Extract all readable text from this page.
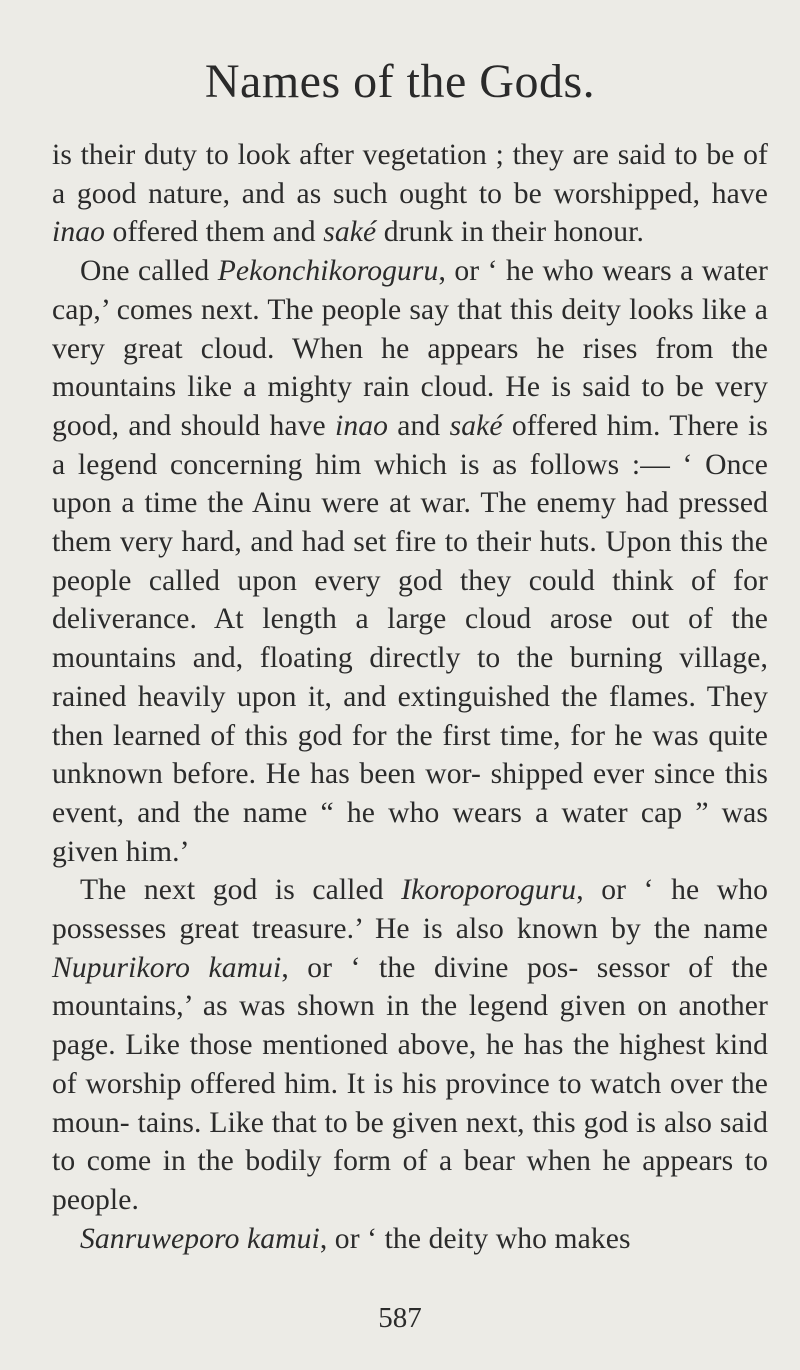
Names of the Gods.

is their duty to look after vegetation ; they are said to be of a good nature, and as such ought to be worshipped, have inao offered them and saké drunk in their honour.

One called Pekonchikoroguru, or ‘ he who wears a water cap,’ comes next. The people say that this deity looks like a very great cloud. When he appears he rises from the mountains like a mighty rain cloud. He is said to be very good, and should have inao and saké offered him. There is a legend concerning him which is as follows :— ‘ Once upon a time the Ainu were at war. The enemy had pressed them very hard, and had set fire to their huts. Upon this the people called upon every god they could think of for deliverance. At length a large cloud arose out of the mountains and, floating directly to the burning village, rained heavily upon it, and extinguished the flames. They then learned of this god for the first time, for he was quite unknown before. He has been wor- shipped ever since this event, and the name “ he who wears a water cap ” was given him.’

The next god is called Ikoroporoguru, or ‘ he who possesses great treasure.’ He is also known by the name Nupurikoro kamui, or ‘ the divine pos- sessor of the mountains,’ as was shown in the legend given on another page. Like those mentioned above, he has the highest kind of worship offered him. It is his province to watch over the moun- tains. Like that to be given next, this god is also said to come in the bodily form of a bear when he appears to people.

Sanruweporo kamui, or ‘ the deity who makes

587
